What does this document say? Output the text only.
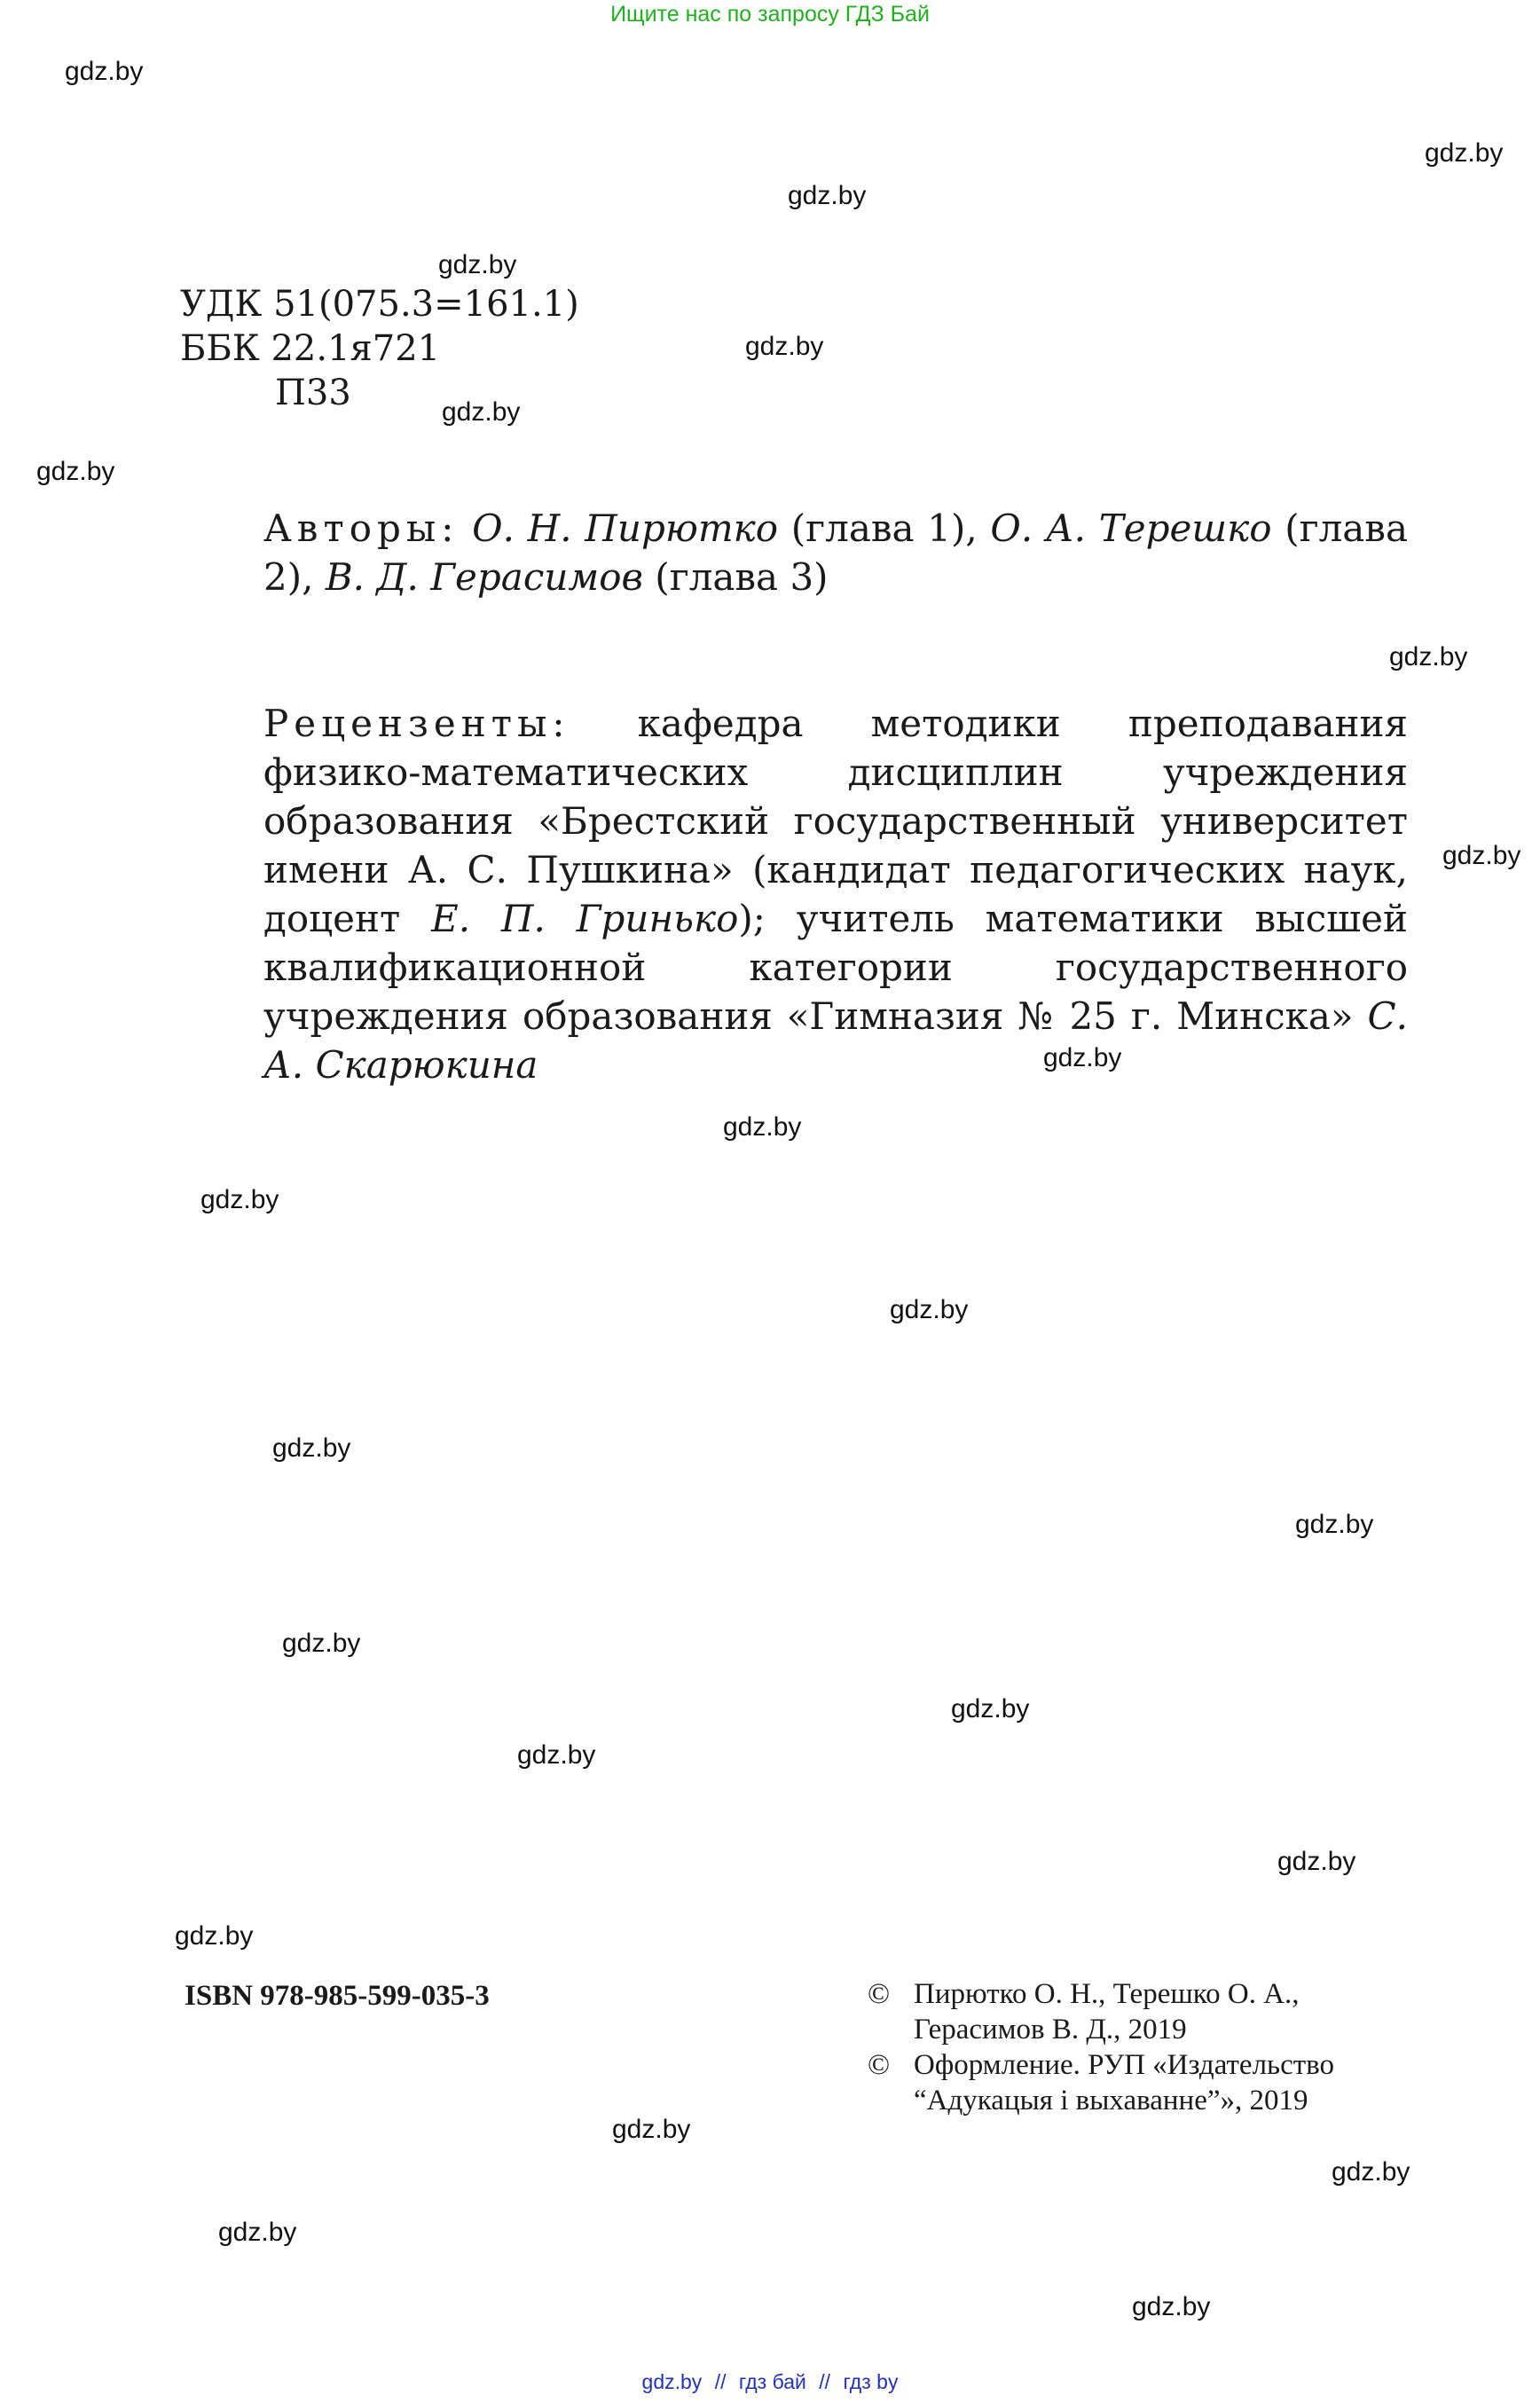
Ищите нас по запросу ГДЗ Бай
gdz.by
gdz.by
gdz.by
gdz.by
gdz.by
gdz.by
gdz.by
gdz.by
gdz.by
gdz.by
gdz.by
gdz.by
gdz.by
gdz.by
gdz.by
gdz.by
gdz.by
gdz.by
gdz.by
gdz.by
gdz.by
gdz.by
gdz.by
gdz.by
УДК 51(075.3=161.1)
ББК 22.1я721
П33
Авторы: О. Н. Пирютко (глава 1), О. А. Терешко (глава 2), В. Д. Герасимов (глава 3)
Рецензенты: кафедра методики преподавания физико-математических дисциплин учреждения образования «Брестский государственный университет имени А. С. Пушкина» (кандидат педагогических наук, доцент Е. П. Гринько); учитель математики высшей квалификационной категории государственного учреждения образования «Гимназия № 25 г. Минска» С. А. Скарюкина
ISBN 978-985-599-035-3	© Пирютко О. Н., Терешко О. А., Герасимов В. Д., 2019
© Оформление. РУП «Издательство “Адукацыя і выхаванне”», 2019
gdz.by // гдз бай // гдз by
